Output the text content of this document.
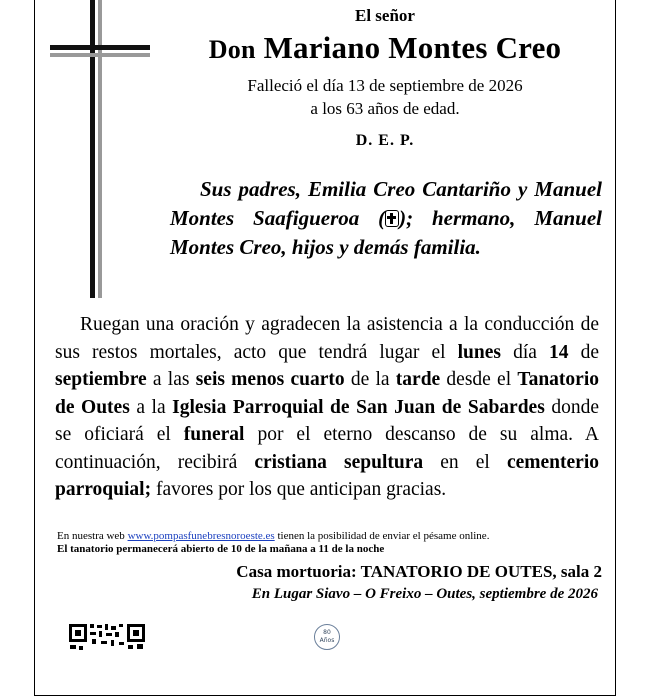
El señor
Don Mariano Montes Creo
Falleció el día 13 de septiembre de 2026
a los 63 años de edad.
D. E. P.
Sus padres, Emilia Creo Cantariño y Manuel Montes Saafigueroa ( ); hermano, Manuel Montes Creo, hijos y demás familia.
Ruegan una oración y agradecen la asistencia a la conducción de sus restos mortales, acto que tendrá lugar el lunes día 14 de septiembre a las seis menos cuarto de la tarde desde el Tanatorio de Outes a la Iglesia Parroquial de San Juan de Sabardes donde se oficiará el funeral por el eterno descanso de su alma. A continuación, recibirá cristiana sepultura en el cementerio parroquial; favores por los que anticipan gracias.
En nuestra web www.pompasfunebresnoroeste.es tienen la posibilidad de enviar el pésame online.
El tanatorio permanecerá abierto de 10 de la mañana a 11 de la noche
Casa mortuoria: TANATORIO DE OUTES, sala 2
En Lugar Siavo – O Freixo – Outes, septiembre de 2026
80
Años
